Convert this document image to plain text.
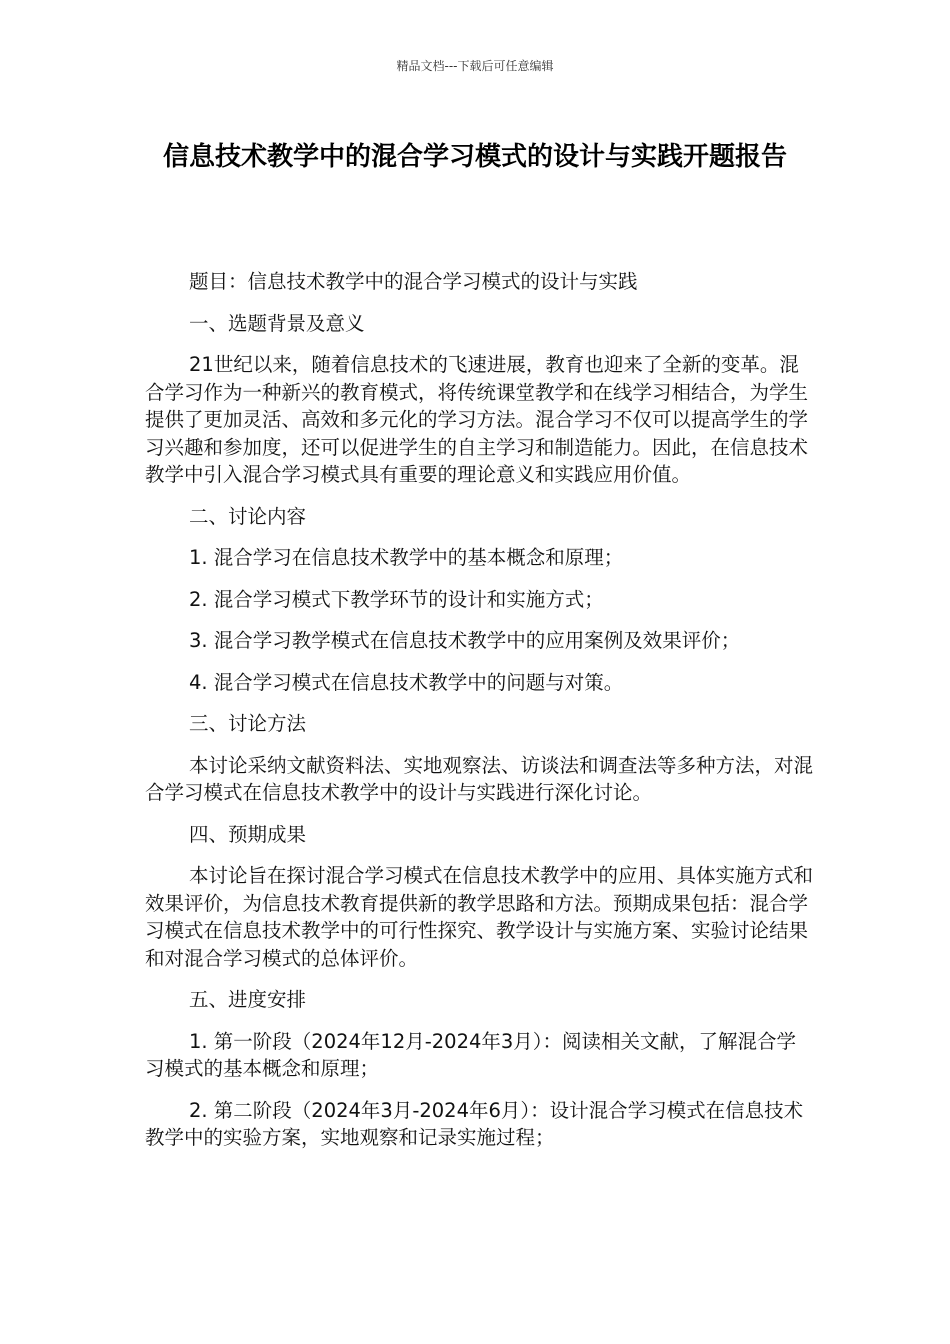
精品文档---下载后可任意编辑
信息技术教学中的混合学习模式的设计与实践开题报告

题目：信息技术教学中的混合学习模式的设计与实践

一、选题背景及意义

21世纪以来，随着信息技术的飞速进展，教育也迎来了全新的变革。混合学习作为一种新兴的教育模式，将传统课堂教学和在线学习相结合，为学生提供了更加灵活、高效和多元化的学习方法。混合学习不仅可以提高学生的学习兴趣和参加度，还可以促进学生的自主学习和制造能力。因此，在信息技术教学中引入混合学习模式具有重要的理论意义和实践应用价值。

二、讨论内容

1. 混合学习在信息技术教学中的基本概念和原理；

2. 混合学习模式下教学环节的设计和实施方式；

3. 混合学习教学模式在信息技术教学中的应用案例及效果评价；

4. 混合学习模式在信息技术教学中的问题与对策。

三、讨论方法

本讨论采纳文献资料法、实地观察法、访谈法和调查法等多种方法，对混合学习模式在信息技术教学中的设计与实践进行深化讨论。

四、预期成果

本讨论旨在探讨混合学习模式在信息技术教学中的应用、具体实施方式和效果评价，为信息技术教育提供新的教学思路和方法。预期成果包括：混合学习模式在信息技术教学中的可行性探究、教学设计与实施方案、实验讨论结果和对混合学习模式的总体评价。

五、进度安排

1. 第一阶段（2024年12月-2024年3月）：阅读相关文献，了解混合学习模式的基本概念和原理；

2. 第二阶段（2024年3月-2024年6月）：设计混合学习模式在信息技术教学中的实验方案，实地观察和记录实施过程；
